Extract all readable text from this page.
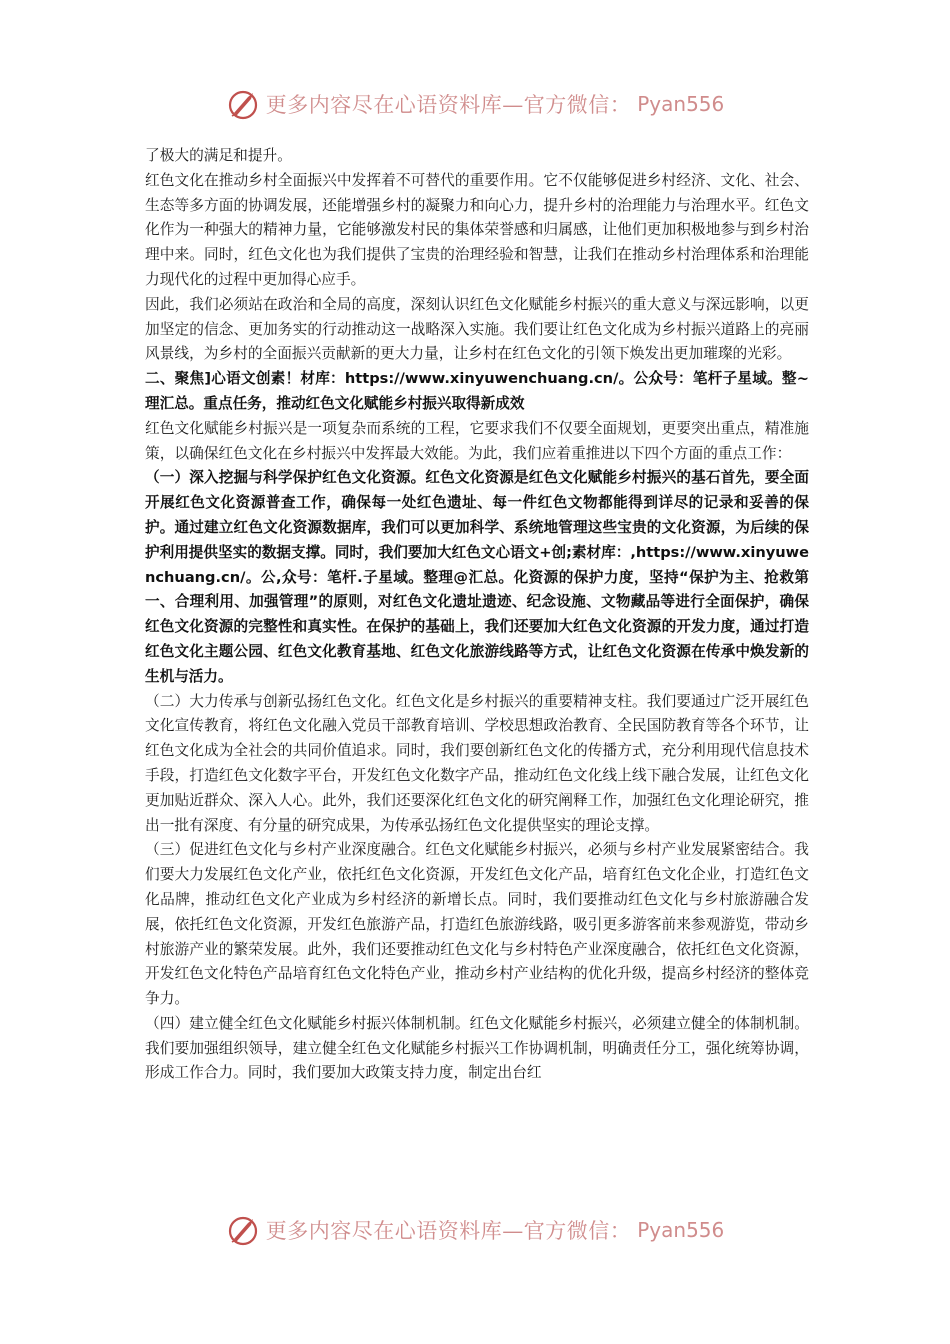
更多内容尽在心语资料库—官方微信： Pyan556

了极大的满足和提升。

红色文化在推动乡村全面振兴中发挥着不可替代的重要作用。它不仅能够促进乡村经济、文化、社会、生态等多方面的协调发展，还能增强乡村的凝聚力和向心力，提升乡村的治理能力与治理水平。红色文化作为一种强大的精神力量，它能够激发村民的集体荣誉感和归属感，让他们更加积极地参与到乡村治理中来。同时，红色文化也为我们提供了宝贵的治理经验和智慧，让我们在推动乡村治理体系和治理能力现代化的过程中更加得心应手。

因此，我们必须站在政治和全局的高度，深刻认识红色文化赋能乡村振兴的重大意义与深远影响，以更加坚定的信念、更加务实的行动推动这一战略深入实施。我们要让红色文化成为乡村振兴道路上的亮丽风景线，为乡村的全面振兴贡献新的更大力量，让乡村在红色文化的引领下焕发出更加璀璨的光彩。

二、聚焦]心语文创素！材库：https://www.xinyuwenchuang.cn/。公众号：笔杆子星域。整~理汇总。重点任务，推动红色文化赋能乡村振兴取得新成效

红色文化赋能乡村振兴是一项复杂而系统的工程，它要求我们不仅要全面规划，更要突出重点，精准施策，以确保红色文化在乡村振兴中发挥最大效能。为此，我们应着重推进以下四个方面的重点工作：

（一）深入挖掘与科学保护红色文化资源。红色文化资源是红色文化赋能乡村振兴的基石首先，要全面开展红色文化资源普查工作，确保每一处红色遗址、每一件红色文物都能得到详尽的记录和妥善的保护。通过建立红色文化资源数据库，我们可以更加科学、系统地管理这些宝贵的文化资源，为后续的保护利用提供坚实的数据支撑。同时，我们要加大红色文心语文+创;素材库：,https://www.xinyuwenchuang.cn/。公,众号：笔杆.子星域。整理@汇总。化资源的保护力度，坚持“保护为主、抢救第一、合理利用、加强管理”的原则，对红色文化遗址遗迹、纪念设施、文物藏品等进行全面保护，确保红色文化资源的完整性和真实性。在保护的基础上，我们还要加大红色文化资源的开发力度，通过打造红色文化主题公园、红色文化教育基地、红色文化旅游线路等方式，让红色文化资源在传承中焕发新的生机与活力。

（二）大力传承与创新弘扬红色文化。红色文化是乡村振兴的重要精神支柱。我们要通过广泛开展红色文化宣传教育，将红色文化融入党员干部教育培训、学校思想政治教育、全民国防教育等各个环节，让红色文化成为全社会的共同价值追求。同时，我们要创新红色文化的传播方式，充分利用现代信息技术手段，打造红色文化数字平台，开发红色文化数字产品，推动红色文化线上线下融合发展，让红色文化更加贴近群众、深入人心。此外，我们还要深化红色文化的研究阐释工作，加强红色文化理论研究，推出一批有深度、有分量的研究成果，为传承弘扬红色文化提供坚实的理论支撑。

（三）促进红色文化与乡村产业深度融合。红色文化赋能乡村振兴，必须与乡村产业发展紧密结合。我们要大力发展红色文化产业，依托红色文化资源，开发红色文化产品，培育红色文化企业，打造红色文化品牌，推动红色文化产业成为乡村经济的新增长点。同时，我们要推动红色文化与乡村旅游融合发展，依托红色文化资源，开发红色旅游产品，打造红色旅游线路，吸引更多游客前来参观游览，带动乡村旅游产业的繁荣发展。此外，我们还要推动红色文化与乡村特色产业深度融合，依托红色文化资源，开发红色文化特色产品培育红色文化特色产业，推动乡村产业结构的优化升级，提高乡村经济的整体竞争力。

（四）建立健全红色文化赋能乡村振兴体制机制。红色文化赋能乡村振兴，必须建立健全的体制机制。我们要加强组织领导，建立健全红色文化赋能乡村振兴工作协调机制，明确责任分工，强化统筹协调，形成工作合力。同时，我们要加大政策支持力度，制定出台红

更多内容尽在心语资料库—官方微信： Pyan556
